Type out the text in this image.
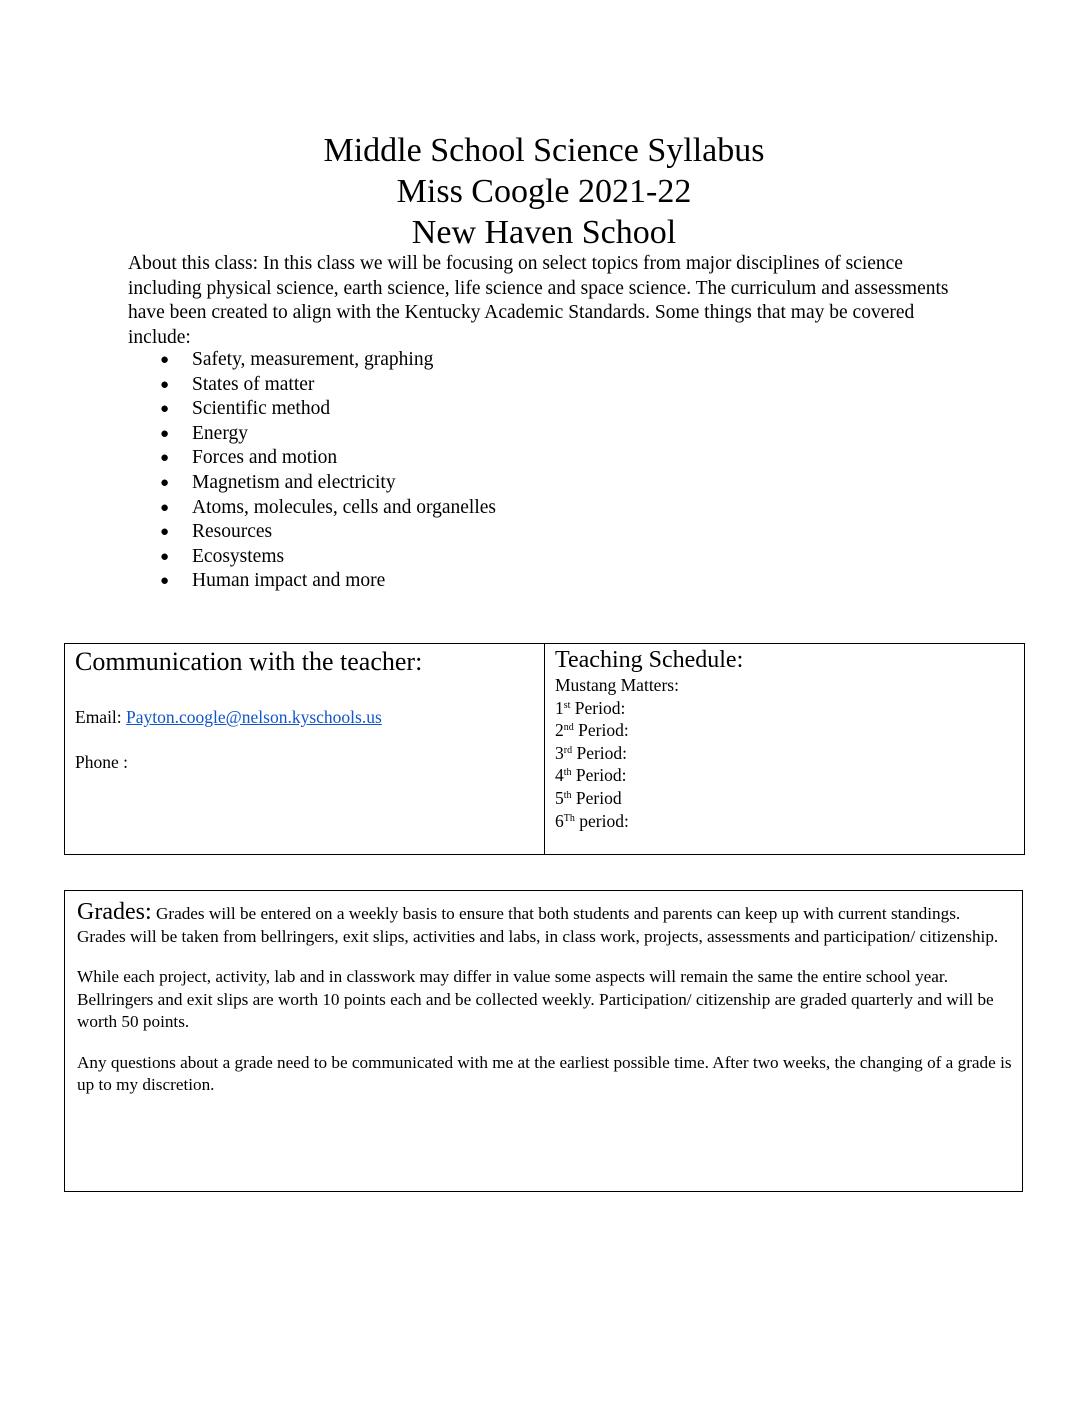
Middle School Science Syllabus
Miss Coogle 2021-22
New Haven School
About this class: In this class we will be focusing on select topics from major disciplines of science including physical science, earth science, life science and space science. The curriculum and assessments have been created to align with the Kentucky Academic Standards. Some things that may be covered include:
● Safety, measurement, graphing
● States of matter
● Scientific method
● Energy
● Forces and motion
● Magnetism and electricity
● Atoms, molecules, cells and organelles
● Resources
● Ecosystems
● Human impact and more
Communication with the teacher:
Email: Payton.coogle@nelson.kyschools.us
Phone :
Teaching Schedule:
Mustang Matters:
1st Period:
2nd Period:
3rd Period:
4th Period:
5th Period
6Th period:

Grades: Grades will be entered on a weekly basis to ensure that both students and parents can keep up with current standings. Grades will be taken from bellringers, exit slips, activities and labs, in class work, projects, assessments and participation/ citizenship.

While each project, activity, lab and in classwork may differ in value some aspects will remain the same the entire school year. Bellringers and exit slips are worth 10 points each and be collected weekly. Participation/ citizenship are graded quarterly and will be worth 50 points.

Any questions about a grade need to be communicated with me at the earliest possible time. After two weeks, the changing of a grade is up to my discretion.
